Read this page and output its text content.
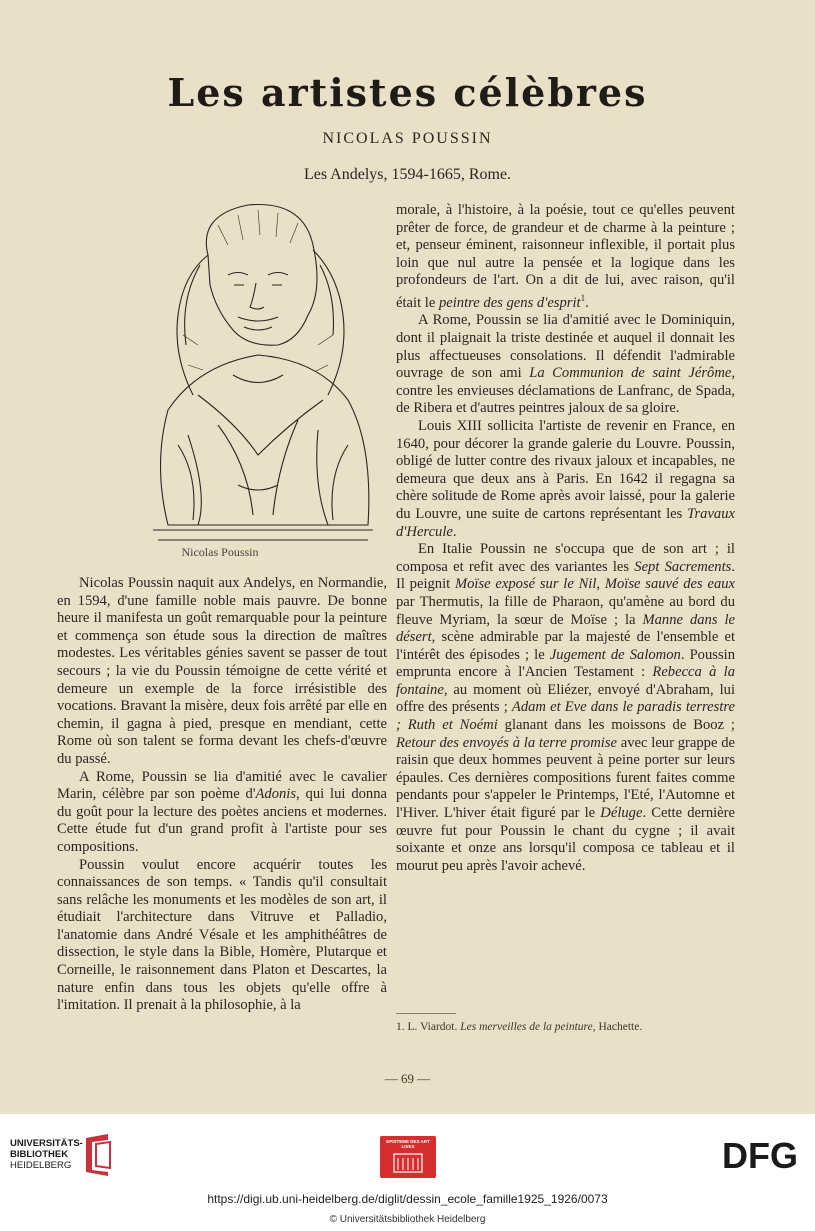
Les artistes célèbres
NICOLAS POUSSIN
Les Andelys, 1594-1665, Rome.
Nicolas Poussin

Nicolas Poussin naquit aux Andelys, en Normandie, en 1594, d'une famille noble mais pauvre. De bonne heure il manifesta un goût remarquable pour la peinture et commença son étude sous la direction de maîtres modestes. Les véritables génies savent se passer de tout secours ; la vie du Poussin témoigne de cette vérité et demeure un exemple de la force irrésistible des vocations. Bravant la misère, deux fois arrêté par elle en chemin, il gagna à pied, presque en mendiant, cette Rome où son talent se forma devant les chefs-d'œuvre du passé.

A Rome, Poussin se lia d'amitié avec le cavalier Marin, célèbre par son poème d'Adonis, qui lui donna du goût pour la lecture des poètes anciens et modernes. Cette étude fut d'un grand profit à l'artiste pour ses compositions.

Poussin voulut encore acquérir toutes les connaissances de son temps. « Tandis qu'il consultait sans relâche les monuments et les modèles de son art, il étudiait l'architecture dans Vitruve et Palladio, l'anatomie dans André Vésale et les amphithéâtres de dissection, le style dans la Bible, Homère, Plutarque et Corneille, le raisonnement dans Platon et Descartes, la nature enfin dans tous les objets qu'elle offre à l'imitation. Il prenait à la philosophie, à la

morale, à l'histoire, à la poésie, tout ce qu'elles peuvent prêter de force, de grandeur et de charme à la peinture ; et, penseur éminent, raisonneur inflexible, il portait plus loin que nul autre la pensée et la logique dans les profondeurs de l'art. On a dit de lui, avec raison, qu'il était le peintre des gens d'esprit$^1$.

A Rome, Poussin se lia d'amitié avec le Dominiquin, dont il plaignait la triste destinée et auquel il donnait les plus affectueuses consolations. Il défendit l'admirable ouvrage de son ami La Communion de saint Jérôme, contre les envieuses déclamations de Lanfranc, de Spada, de Ribera et d'autres peintres jaloux de sa gloire.

Louis XIII sollicita l'artiste de revenir en France, en 1640, pour décorer la grande galerie du Louvre. Poussin, obligé de lutter contre des rivaux jaloux et incapables, ne demeura que deux ans à Paris. En 1642 il regagna sa chère solitude de Rome après avoir laissé, pour la galerie du Louvre, une suite de cartons représentant les Travaux d'Hercule.

En Italie Poussin ne s'occupa que de son art ; il composa et refit avec des variantes les Sept Sacrements. Il peignit Moïse exposé sur le Nil, Moïse sauvé des eaux par Thermutis, la fille de Pharaon, qu'amène au bord du fleuve Myriam, la sœur de Moïse ; la Manne dans le désert, scène admirable par la majesté de l'ensemble et l'intérêt des épisodes ; le Jugement de Salomon. Poussin emprunta encore à l'Ancien Testament : Rebecca à la fontaine, au moment où Eliézer, envoyé d'Abraham, lui offre des présents ; Adam et Eve dans le paradis terrestre ; Ruth et Noémi glanant dans les moissons de Booz ; Retour des envoyés à la terre promise avec leur grappe de raisin que deux hommes peuvent à peine porter sur leurs épaules. Ces dernières compositions furent faites comme pendants pour s'appeler le Printemps, l'Eté, l'Automne et l'Hiver. L'hiver était figuré par le Déluge. Cette dernière œuvre fut pour Poussin le chant du cygne ; il avait soixante et onze ans lorsqu'il composa ce tableau et il mourut peu après l'avoir achevé.

1. L. Viardot. Les merveilles de la peinture, Hachette.
— 69 —
UNIVERSITÄTS-
BIBLIOTHEK
HEIDELBERG
EPISTEME DES ART LIVES	DFG
https://digi.ub.uni-heidelberg.de/diglit/dessin_ecole_famille1925_1926/0073
© Universitätsbibliothek Heidelberg
